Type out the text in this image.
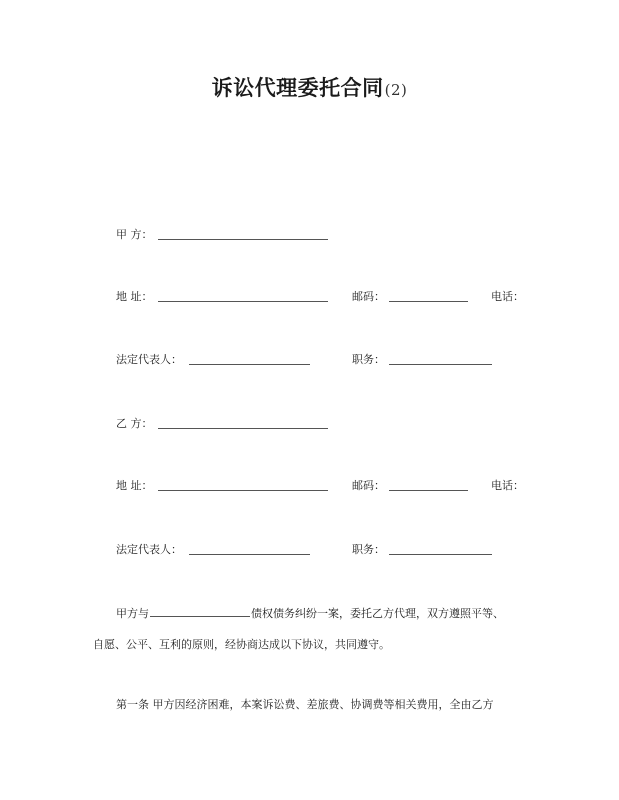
诉讼代理委托合同(2)
甲 方：
地 址：	邮码：	电话：
法定代表人：	职务：
乙 方：
地 址：	邮码：	电话：
法定代表人：	职务：
甲方与	债权债务纠纷一案，委托乙方代理，双方遵照平等、
自愿、公平、互利的原则，经协商达成以下协议，共同遵守。
第一条 甲方因经济困难，本案诉讼费、差旅费、协调费等相关费用，全由乙方
